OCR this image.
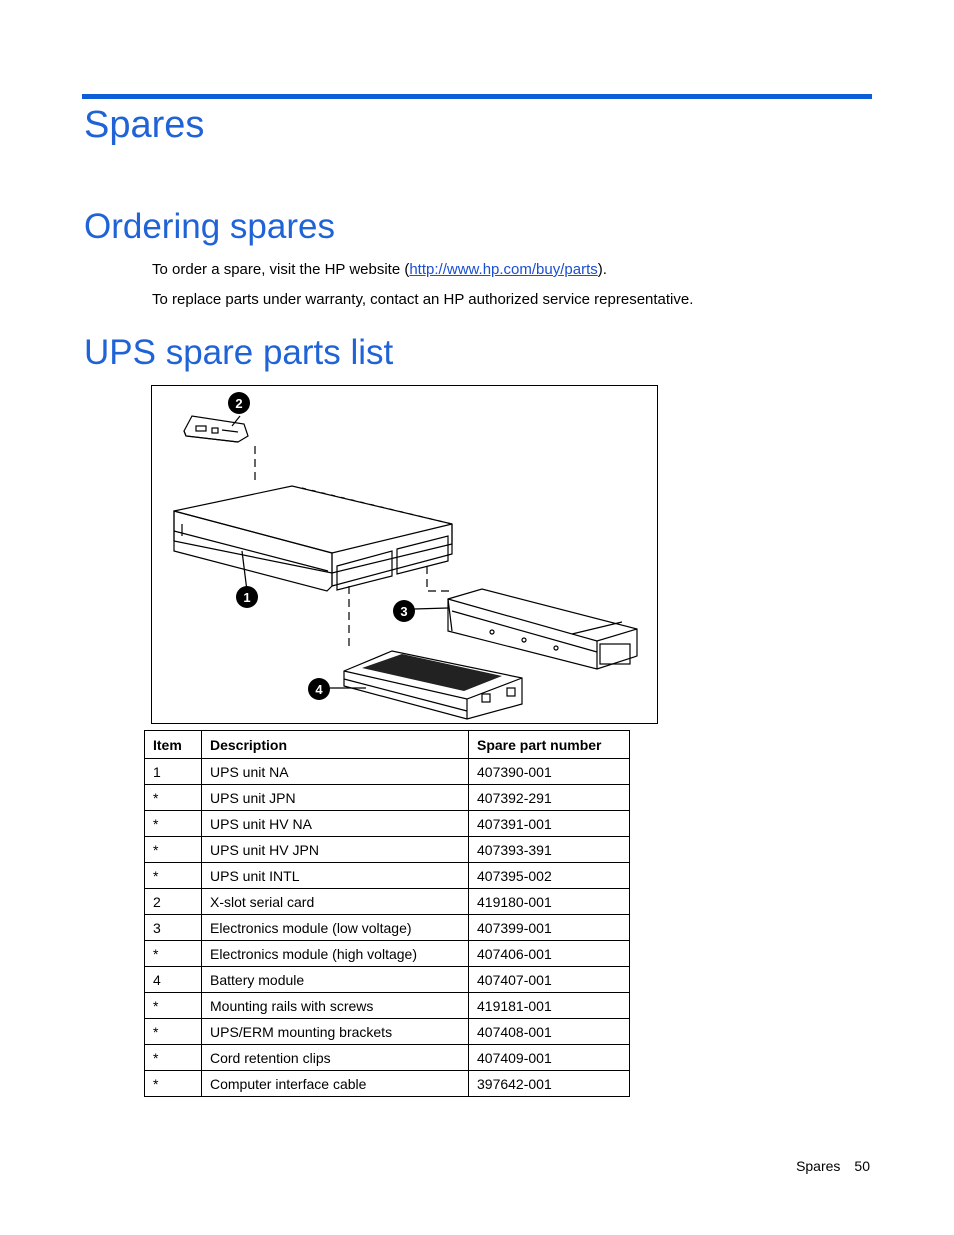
Spares
Ordering spares

To order a spare, visit the HP website (http://www.hp.com/buy/parts).

To replace parts under warranty, contact an HP authorized service representative.

UPS spare parts list
1
2
3
4
Item	Description	Spare part number
1	UPS unit NA	407390-001
*	UPS unit JPN	407392-291
*	UPS unit HV NA	407391-001
*	UPS unit HV JPN	407393-391
*	UPS unit INTL	407395-002
2	X-slot serial card	419180-001
3	Electronics module (low voltage)	407399-001
*	Electronics module (high voltage)	407406-001
4	Battery module	407407-001
*	Mounting rails with screws	419181-001
*	UPS/ERM mounting brackets	407408-001
*	Cord retention clips	407409-001
*	Computer interface cable	397642-001
Spares 50
